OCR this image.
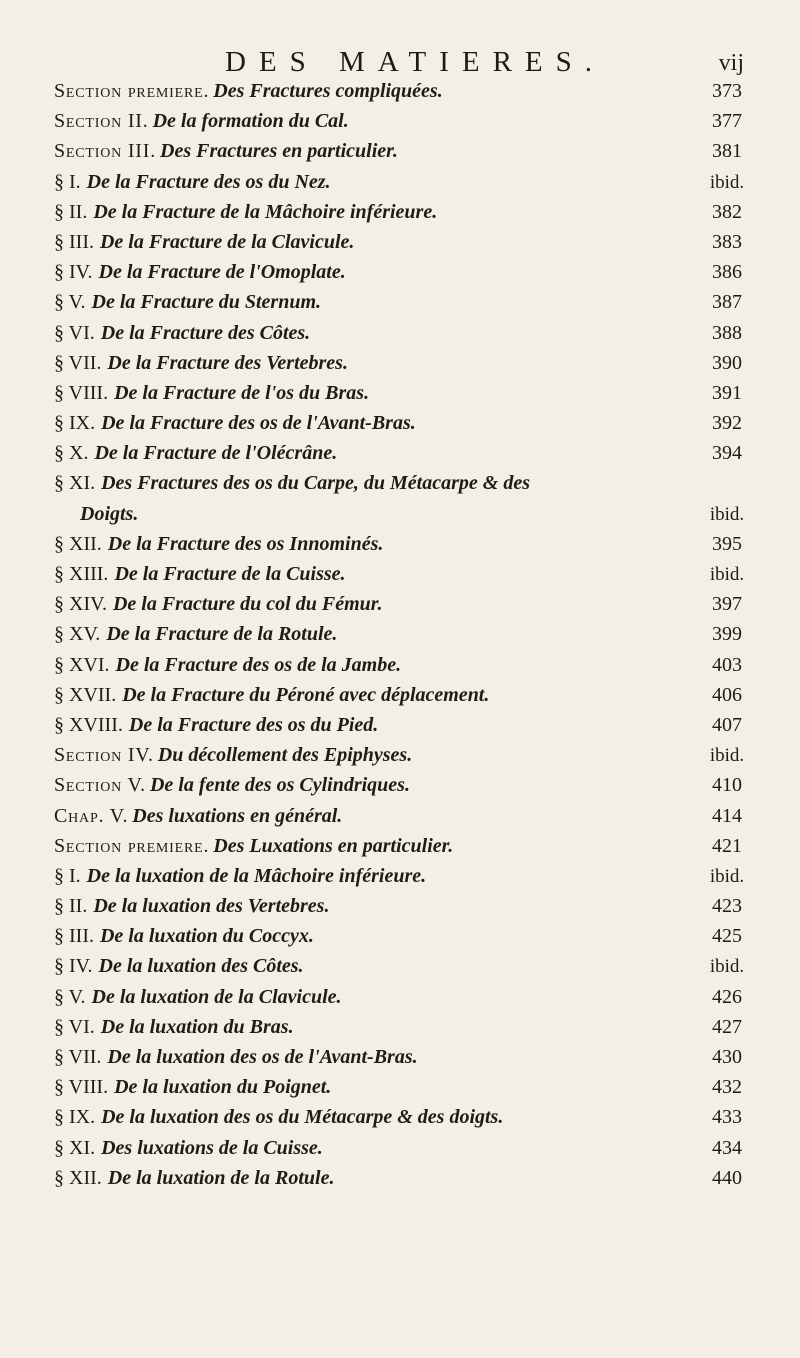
DES MATIERES.	vij
Section premiere. Des Fractures compliquées.	373
Section II. De la formation du Cal.	377
Section III. Des Fractures en particulier.	381
§ I. De la Fracture des os du Nez.	ibid.
§ II. De la Fracture de la Mâchoire inférieure.	382
§ III. De la Fracture de la Clavicule.	383
§ IV. De la Fracture de l'Omoplate.	386
§ V. De la Fracture du Sternum.	387
§ VI. De la Fracture des Côtes.	388
§ VII. De la Fracture des Vertebres.	390
§ VIII. De la Fracture de l'os du Bras.	391
§ IX. De la Fracture des os de l'Avant-Bras.	392
§ X. De la Fracture de l'Olécrâne.	394
§ XI. Des Fractures des os du Carpe, du Métacarpe & des
Doigts.	ibid.
§ XII. De la Fracture des os Innominés.	395
§ XIII. De la Fracture de la Cuisse.	ibid.
§ XIV. De la Fracture du col du Fémur.	397
§ XV. De la Fracture de la Rotule.	399
§ XVI. De la Fracture des os de la Jambe.	403
§ XVII. De la Fracture du Péroné avec déplacement.	406
§ XVIII. De la Fracture des os du Pied.	407
Section IV. Du décollement des Epiphyses.	ibid.
Section V. De la fente des os Cylindriques.	410
Chap. V. Des luxations en général.	414
Section premiere. Des Luxations en particulier.	421
§ I. De la luxation de la Mâchoire inférieure.	ibid.
§ II. De la luxation des Vertebres.	423
§ III. De la luxation du Coccyx.	425
§ IV. De la luxation des Côtes.	ibid.
§ V. De la luxation de la Clavicule.	426
§ VI. De la luxation du Bras.	427
§ VII. De la luxation des os de l'Avant-Bras.	430
§ VIII. De la luxation du Poignet.	432
§ IX. De la luxation des os du Métacarpe & des doigts.	433
§ XI. Des luxations de la Cuisse.	434
§ XII. De la luxation de la Rotule.	440
